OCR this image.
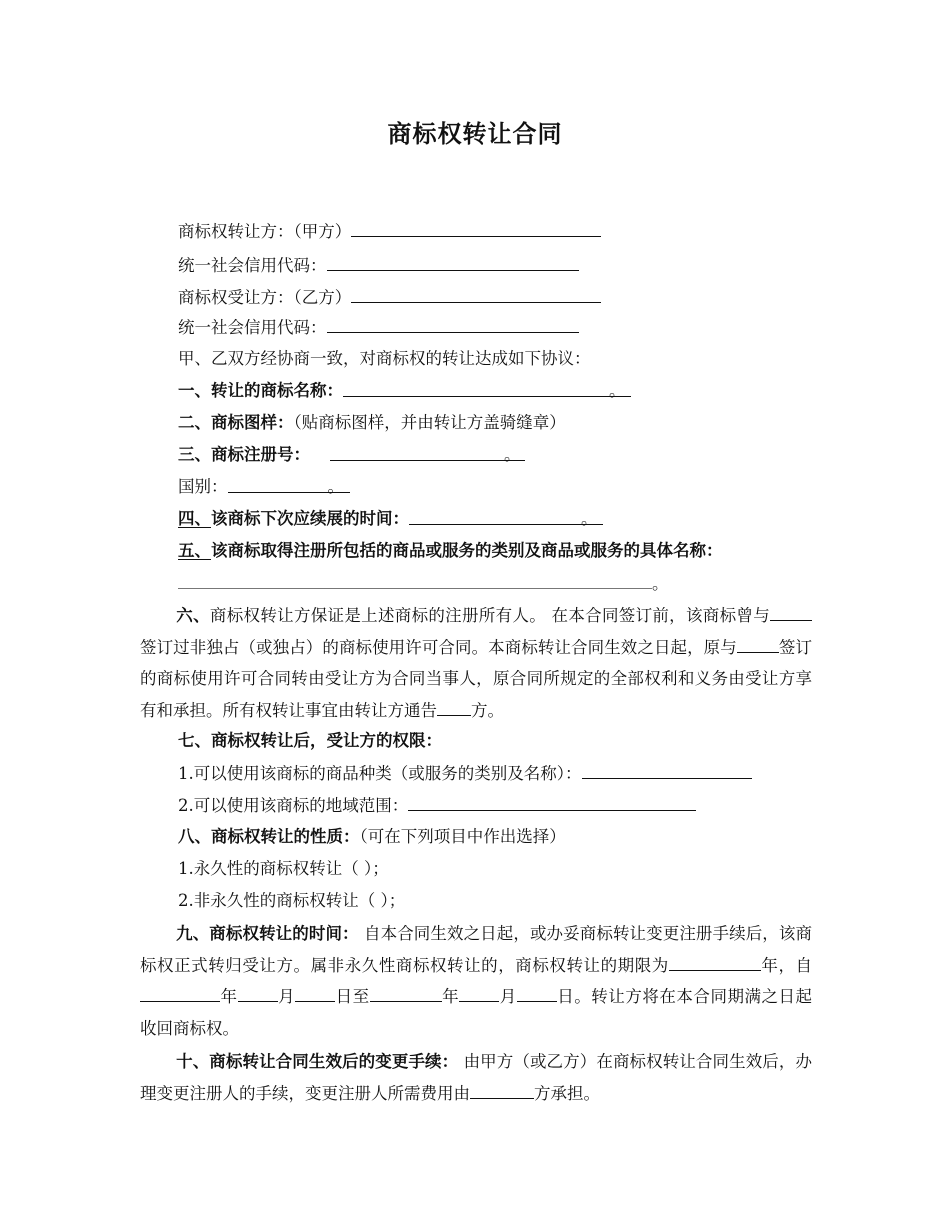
商标权转让合同
商标权转让方：（甲方）
统一社会信用代码：
商标权受让方：（乙方）
统一社会信用代码：
甲、乙双方经协商一致，对商标权的转让达成如下协议：
一、转让的商标名称：	。
二、商标图样：（贴商标图样，并由转让方盖骑缝章）
三、商标注册号：	。
国别：	。
四、该商标下次应续展的时间：	。
五、该商标取得注册所包括的商品或服务的类别及商品或服务的具体名称：
。
六、商标权转让方保证是上述商标的注册所有人。 在本合同签订前，该商标曾与签订过非独占（或独占）的商标使用许可合同。本商标转让合同生效之日起，原与	签订的商标使用许可合同转由受让方为合同当事人，原合同所规定的全部权利和义务由受让方享有和承担。所有权转让事宜由转让方通告 方。
七、商标权转让后，受让方的权限：
1.可以使用该商标的商品种类（或服务的类别及名称）：
2.可以使用该商标的地域范围：
八、商标权转让的性质：（可在下列项目中作出选择）
1.永久性的商标权转让（ ）；
2.非永久性的商标权转让（ ）；
九、商标权转让的时间： 自本合同生效之日起，或办妥商标转让变更注册手续后，该商标权正式转归受让方。属非永久性商标权转让的，商标权转让的期限为	年，自年 月 日至	年 月 日。转让方将在本合同期满之日起收回商标权。
十、商标转让合同生效后的变更手续： 由甲方（或乙方）在商标权转让合同生效后，办理变更注册人的手续，变更注册人所需费用由	方承担。
